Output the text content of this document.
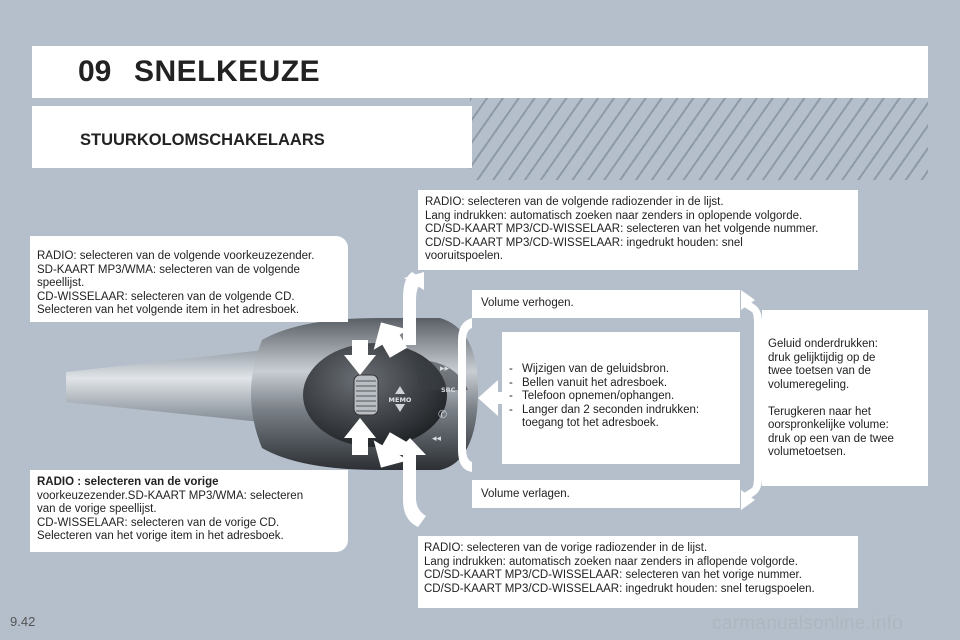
09 SNELKEUZE
STUURKOLOMSCHAKELAARS
MEMO
▸▸
SRC
✆
◂◂

RADIO: selecteren van de volgende radiozender in de lijst.

Lang indrukken: automatisch zoeken naar zenders in oplopende volgorde.

CD/SD-KAART MP3/CD-WISSELAAR: selecteren van het volgende nummer.

CD/SD-KAART MP3/CD-WISSELAAR: ingedrukt houden: snel

vooruitspoelen.

RADIO: selecteren van de volgende voorkeuzezender.

SD-KAART MP3/WMA: selecteren van de volgende

speellijst.

CD-WISSELAAR: selecteren van de volgende CD.

Selecteren van het volgende item in het adresboek.

Volume verhogen.

- Wijzigen van de geluidsbron.
- Bellen vanuit het adresboek.
- Telefoon opnemen/ophangen.
- Langer dan 2 seconden indrukken:
toegang tot het adresboek.

Geluid onderdrukken:

druk gelijktijdig op de

twee toetsen van de

volumeregeling.

Terugkeren naar het

oorspronkelijke volume:

druk op een van de twee

volumetoetsen.

Volume verlagen.

RADIO : selecteren van de vorige

voorkeuzezender.SD-KAART MP3/WMA: selecteren

van de vorige speellijst.

CD-WISSELAAR: selecteren van de vorige CD.

Selecteren van het vorige item in het adresboek.

RADIO: selecteren van de vorige radiozender in de lijst.

Lang indrukken: automatisch zoeken naar zenders in aflopende volgorde.

CD/SD-KAART MP3/CD-WISSELAAR: selecteren van het vorige nummer.

CD/SD-KAART MP3/CD-WISSELAAR: ingedrukt houden: snel terugspoelen.

9.42	carmanualsonline.info
